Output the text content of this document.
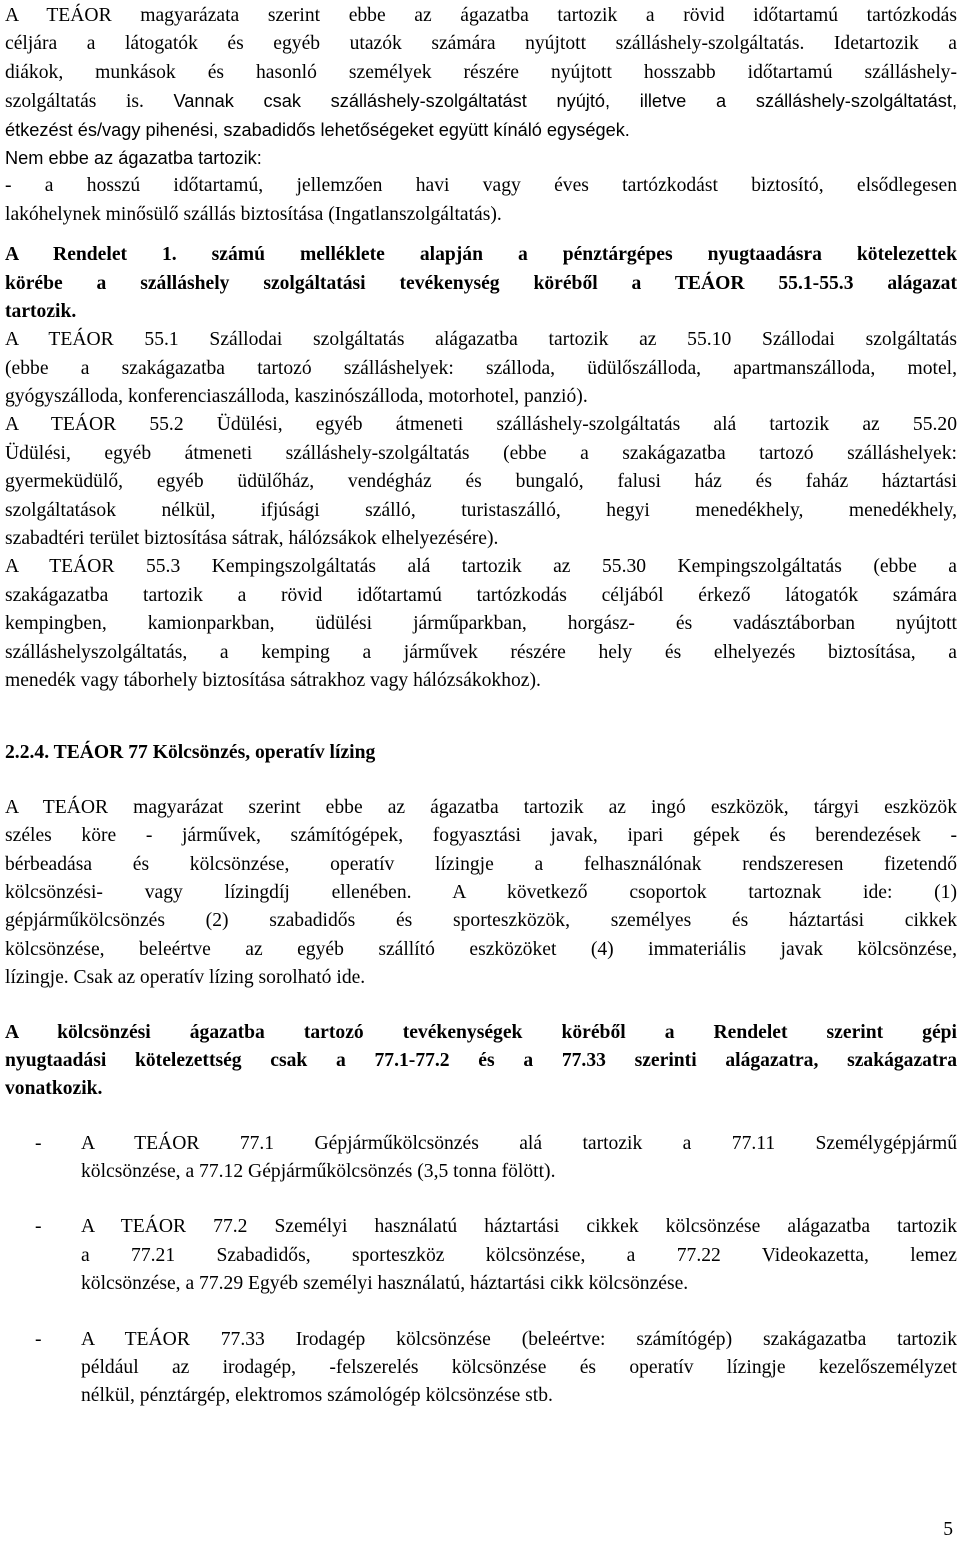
A TEÁOR magyarázata szerint ebbe az ágazatba tartozik a rövid időtartamú tartózkodás
céljára a látogatók és egyéb utazók számára nyújtott szálláshely-szolgáltatás. Idetartozik a
diákok, munkások és hasonló személyek részére nyújtott hosszabb időtartamú szálláshely-
szolgáltatás is. Vannak csak szálláshely-szolgáltatást nyújtó, illetve a szálláshely-szolgáltatást,
étkezést és/vagy pihenési, szabadidős lehetőségeket együtt kínáló egységek.
Nem ebbe az ágazatba tartozik:
- a hosszú időtartamú, jellemzően havi vagy éves tartózkodást biztosító, elsődlegesen
lakóhelynek minősülő szállás biztosítása (Ingatlanszolgáltatás).
A Rendelet 1. számú melléklete alapján a pénztárgépes nyugtaadásra kötelezettek
körébe a szálláshely szolgáltatási tevékenység köréből a TEÁOR 55.1-55.3 alágazat
tartozik.
A TEÁOR 55.1 Szállodai szolgáltatás alágazatba tartozik az 55.10 Szállodai szolgáltatás
(ebbe a szakágazatba tartozó szálláshelyek: szálloda, üdülőszálloda, apartmanszálloda, motel,
gyógyszálloda, konferenciaszálloda, kaszinószálloda, motorhotel, panzió).
A TEÁOR 55.2 Üdülési, egyéb átmeneti szálláshely-szolgáltatás alá tartozik az 55.20
Üdülési, egyéb átmeneti szálláshely-szolgáltatás (ebbe a szakágazatba tartozó szálláshelyek:
gyermeküdülő, egyéb üdülőház, vendégház és bungaló, falusi ház és faház háztartási
szolgáltatások nélkül, ifjúsági szálló, turistaszálló, hegyi menedékhely, menedékhely,
szabadtéri terület biztosítása sátrak, hálózsákok elhelyezésére).
A TEÁOR 55.3 Kempingszolgáltatás alá tartozik az 55.30 Kempingszolgáltatás (ebbe a
szakágazatba tartozik a rövid időtartamú tartózkodás céljából érkező látogatók számára
kempingben, kamionparkban, üdülési járműparkban, horgász- és vadásztáborban nyújtott
szálláshelyszolgáltatás, a kemping a járművek részére hely és elhelyezés biztosítása, a
menedék vagy táborhely biztosítása sátrakhoz vagy hálózsákokhoz).
2.2.4. TEÁOR 77 Kölcsönzés, operatív lízing
A TEÁOR magyarázat szerint ebbe az ágazatba tartozik az ingó eszközök, tárgyi eszközök
széles köre - járművek, számítógépek, fogyasztási javak, ipari gépek és berendezések -
bérbeadása és kölcsönzése, operatív lízingje a felhasználónak rendszeresen fizetendő
kölcsönzési- vagy lízingdíj ellenében. A következő csoportok tartoznak ide: (1)
gépjárműkölcsönzés (2) szabadidős és sporteszközök, személyes és háztartási cikkek
kölcsönzése, beleértve az egyéb szállító eszközöket (4) immateriális javak kölcsönzése,
lízingje. Csak az operatív lízing sorolható ide.
A kölcsönzési ágazatba tartozó tevékenységek köréből a Rendelet szerint gépi
nyugtaadási kötelezettség csak a 77.1-77.2 és a 77.33 szerinti alágazatra, szakágazatra
vonatkozik.
- A TEÁOR 77.1 Gépjárműkölcsönzés alá tartozik a 77.11 Személygépjármű
kölcsönzése, a 77.12 Gépjárműkölcsönzés (3,5 tonna fölött).
- A TEÁOR 77.2 Személyi használatú háztartási cikkek kölcsönzése alágazatba tartozik
a 77.21 Szabadidős, sporteszköz kölcsönzése, a 77.22 Videokazetta, lemez
kölcsönzése, a 77.29 Egyéb személyi használatú, háztartási cikk kölcsönzése.
- A TEÁOR 77.33 Irodagép kölcsönzése (beleértve: számítógép) szakágazatba tartozik
például az irodagép, -felszerelés kölcsönzése és operatív lízingje kezelőszemélyzet
nélkül, pénztárgép, elektromos számológép kölcsönzése stb.
5
